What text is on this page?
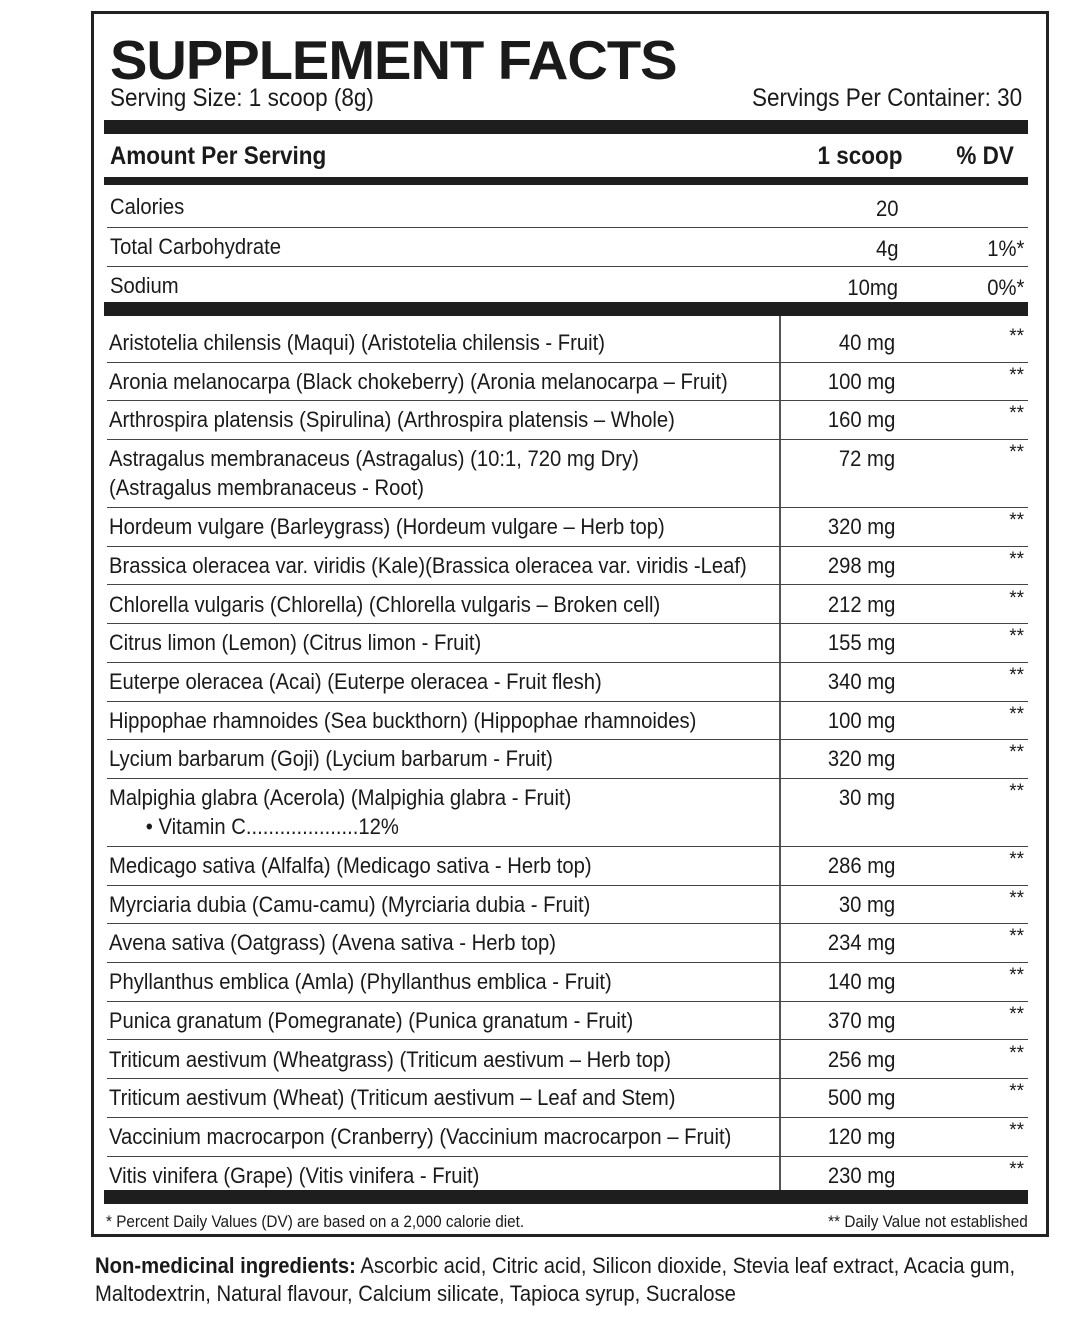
SUPPLEMENT FACTS
Serving Size: 1 scoop (8g)	Servings Per Container: 30
Amount Per Serving	1 scoop % DV
Calories	20
Total Carbohydrate	4g	1%*
Sodium	10mg	0%*
Aristotelia chilensis (Maqui) (Aristotelia chilensis - Fruit)	40 mg	**
Aronia melanocarpa (Black chokeberry) (Aronia melanocarpa – Fruit)	100 mg	**
Arthrospira platensis (Spirulina) (Arthrospira platensis – Whole)	160 mg	**
Astragalus membranaceus (Astragalus) (10:1, 720 mg Dry)
(Astragalus membranaceus - Root)
72 mg	**
Hordeum vulgare (Barleygrass) (Hordeum vulgare – Herb top)	320 mg	**
Brassica oleracea var. viridis (Kale)(Brassica oleracea var. viridis -Leaf)	298 mg	**
Chlorella vulgaris (Chlorella) (Chlorella vulgaris – Broken cell)	212 mg	**
Citrus limon (Lemon) (Citrus limon - Fruit)	155 mg	**
Euterpe oleracea (Acai) (Euterpe oleracea - Fruit flesh)	340 mg	**
Hippophae rhamnoides (Sea buckthorn) (Hippophae rhamnoides)	100 mg	**
Lycium barbarum (Goji) (Lycium barbarum - Fruit)	320 mg	**
Malpighia glabra (Acerola) (Malpighia glabra - Fruit)
• Vitamin C....................12%
30 mg	**
Medicago sativa (Alfalfa) (Medicago sativa - Herb top)	286 mg	**
Myrciaria dubia (Camu-camu) (Myrciaria dubia - Fruit)	30 mg	**
Avena sativa (Oatgrass) (Avena sativa - Herb top)	234 mg	**
Phyllanthus emblica (Amla) (Phyllanthus emblica - Fruit)	140 mg	**
Punica granatum (Pomegranate) (Punica granatum - Fruit)	370 mg	**
Triticum aestivum (Wheatgrass) (Triticum aestivum – Herb top)	256 mg	**
Triticum aestivum (Wheat) (Triticum aestivum – Leaf and Stem)	500 mg	**
Vaccinium macrocarpon (Cranberry) (Vaccinium macrocarpon – Fruit)	120 mg	**
Vitis vinifera (Grape) (Vitis vinifera - Fruit)	230 mg	**
* Percent Daily Values (DV) are based on a 2,000 calorie diet.	** Daily Value not established
Non-medicinal ingredients: Ascorbic acid, Citric acid, Silicon dioxide, Stevia leaf extract, Acacia gum,
Maltodextrin, Natural flavour, Calcium silicate, Tapioca syrup, Sucralose
